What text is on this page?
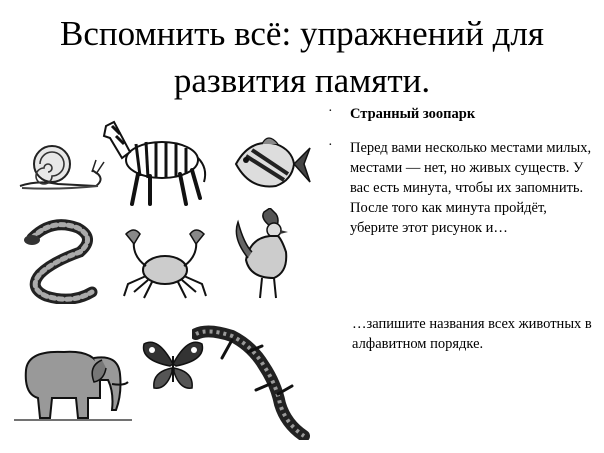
Вспомнить всё: упражнений для
развития памяти.
· Странный зоопарк
· Перед вами несколько местами милых, местами — нет, но живых существ. У вас есть минута, чтобы их запомнить. После того как минута пройдёт, уберите этот рисунок и…
…запишите названия всех животных в алфавитном порядке.
